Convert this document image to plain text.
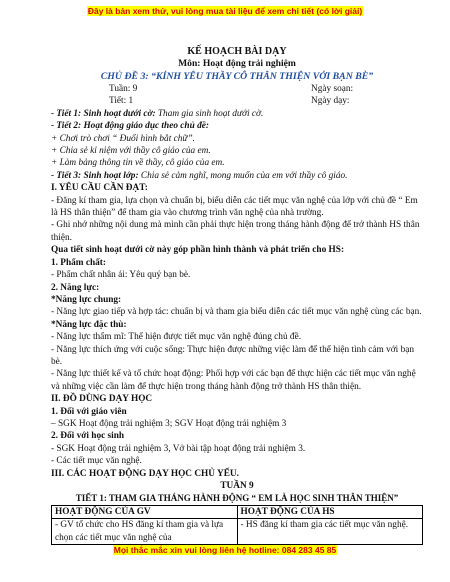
Đây là bản xem thử, vui lòng mua tài liệu để xem chi tiết (có lời giải)
KẾ HOẠCH BÀI DẠY
Môn: Hoạt động trải nghiệm
CHỦ ĐỀ 3: “KÍNH YÊU THẦY CÔ THÂN THIỆN VỚI BẠN BÈ”
Tuần: 9	Ngày soạn:
Tiết: 1	Ngày dạy:

- Tiết 1: Sinh hoạt dưới cờ: Tham gia sinh hoạt dưới cờ.

- Tiết 2: Hoạt động giáo dục theo chủ đề:

+ Chơi trò chơi “ Đuổi hình bắt chữ”.

+ Chia sẻ kỉ niệm với thầy cô giáo của em.

+ Làm bảng thông tin về thầy, cô giáo của em.

- Tiết 3: Sinh hoạt lớp: Chia sẻ cảm nghĩ, mong muốn của em với thầy cô giáo.

I. YÊU CẦU CẦN ĐẠT:

- Đăng kí tham gia, lựa chọn và chuẩn bị, biểu diễn các tiết mục văn nghệ của lớp với chủ đề “ Em là HS thân thiện” để tham gia vào chương trình văn nghệ của nhà trường.

- Ghi nhớ những nội dung mà mình cần phải thực hiện trong tháng hành động để trở thành HS thân thiện.

Qua tiết sinh hoạt dưới cờ này góp phần hình thành và phát triển cho HS:

1. Phẩm chất:

- Phẩm chất nhân ái: Yêu quý bạn bè.

2. Năng lực:

*Năng lực chung:

- Năng lực giao tiếp và hợp tác: chuẩn bị và tham gia biểu diễn các tiết mục văn nghệ cùng các bạn.

*Năng lực đặc thù:

- Năng lực thẩm mĩ: Thể hiện được tiết mục văn nghệ đúng chủ đề.

- Năng lực thích ứng với cuộc sống: Thực hiện được những việc làm để thể hiện tình cảm với bạn bè.

- Năng lực thiết kế và tổ chức hoạt động: Phối hợp với các bạn để thực hiện các tiết mục văn nghệ và những việc cần làm để thực hiện trong tháng hành động trở thành HS thân thiện.

II. ĐỒ DÙNG DẠY HỌC

1. Đối với giáo viên

– SGK Hoạt động trải nghiệm 3; SGV Hoạt động trải nghiệm 3

2. Đối với học sinh

- SGK Hoạt động trải nghiệm 3, Vở bài tập hoạt động trải nghiệm 3.

- Các tiết mục văn nghệ.

III. CÁC HOẠT ĐỘNG DẠY HỌC CHỦ YẾU.

TUẦN 9

TIẾT 1: THAM GIA THÁNG HÀNH ĐỘNG “ EM LÀ HỌC SINH THÂN THIỆN”

HOẠT ĐỘNG CỦA GV	HOẠT ĐỘNG CỦA HS
- GV tổ chức cho HS đăng kí tham gia và lựa chọn các tiết mục văn nghệ của	- HS đăng kí tham gia các tiết mục văn nghệ.
Mọi thắc mắc xin vui lòng liên hệ hotline: 084 283 45 85
